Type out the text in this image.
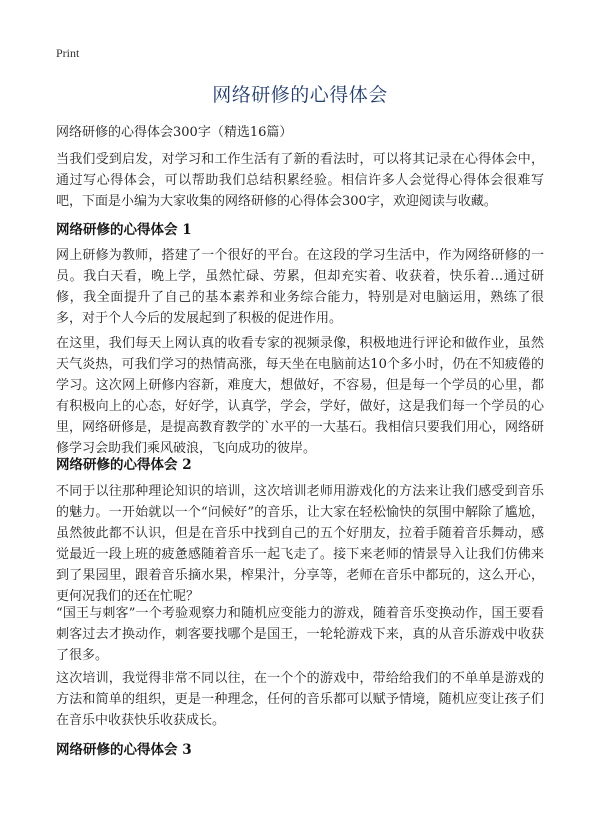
Print
网络研修的心得体会
网络研修的心得体会300字（精选16篇）

当我们受到启发，对学习和工作生活有了新的看法时，可以将其记录在心得体会中，通过写心得体会，可以帮助我们总结积累经验。相信许多人会觉得心得体会很难写吧，下面是小编为大家收集的网络研修的心得体会300字，欢迎阅读与收藏。

网络研修的心得体会 1

网上研修为教师，搭建了一个很好的平台。在这段的学习生活中，作为网络研修的一员。我白天看，晚上学，虽然忙碌、劳累，但却充实着、收获着，快乐着…通过研修，我全面提升了自己的基本素养和业务综合能力，特别是对电脑运用，熟练了很多，对于个人今后的发展起到了积极的促进作用。

在这里，我们每天上网认真的收看专家的视频录像，积极地进行评论和做作业，虽然天气炎热，可我们学习的热情高涨，每天坐在电脑前达10个多小时，仍在不知疲倦的学习。这次网上研修内容新，难度大，想做好，不容易，但是每一个学员的心里，都有积极向上的心态，好好学，认真学，学会，学好，做好，这是我们每一个学员的心里，网络研修是，是提高教育教学的`水平的一大基石。我相信只要我们用心，网络研修学习会助我们乘风破浪，飞向成功的彼岸。

网络研修的心得体会 2

不同于以往那种理论知识的培训，这次培训老师用游戏化的方法来让我们感受到音乐的魅力。一开始就以一个“问候好”的音乐，让大家在轻松愉快的氛围中解除了尴尬，虽然彼此都不认识，但是在音乐中找到自己的五个好朋友，拉着手随着音乐舞动，感觉最近一段上班的疲惫感随着音乐一起飞走了。接下来老师的情景导入让我们仿佛来到了果园里，跟着音乐摘水果，榨果汁，分享等，老师在音乐中都玩的，这么开心，更何况我们的还在忙呢？

“国王与刺客”一个考验观察力和随机应变能力的游戏，随着音乐变换动作，国王要看刺客过去才换动作，刺客要找哪个是国王，一轮轮游戏下来，真的从音乐游戏中收获了很多。

这次培训，我觉得非常不同以往，在一个个的游戏中，带给给我们的不单单是游戏的方法和简单的组织，更是一种理念，任何的音乐都可以赋予情境，随机应变让孩子们在音乐中收获快乐收获成长。

网络研修的心得体会 3
